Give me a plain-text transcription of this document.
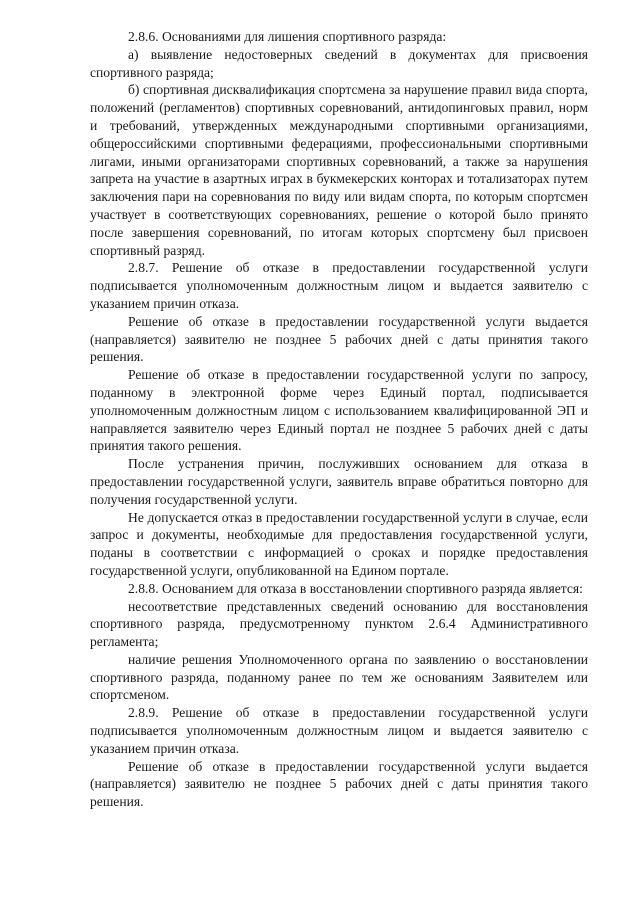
2.8.6. Основаниями для лишения спортивного разряда:

а) выявление недостоверных сведений в документах для присвоения спортивного разряда;

б) спортивная дисквалификация спортсмена за нарушение правил вида спорта, положений (регламентов) спортивных соревнований, антидопинговых правил, норм и требований, утвержденных международными спортивными организациями, общероссийскими спортивными федерациями, профессиональными спортивными лигами, иными организаторами спортивных соревнований, а также за нарушения запрета на участие в азартных играх в букмекерских конторах и тотализаторах путем заключения пари на соревнования по виду или видам спорта, по которым спортсмен участвует в соответствующих соревнованиях, решение о которой было принято после завершения соревнований, по итогам которых спортсмену был присвоен спортивный разряд.

2.8.7. Решение об отказе в предоставлении государственной услуги подписывается уполномоченным должностным лицом и выдается заявителю с указанием причин отказа.

Решение об отказе в предоставлении государственной услуги выдается (направляется) заявителю не позднее 5 рабочих дней с даты принятия такого решения.

Решение об отказе в предоставлении государственной услуги по запросу, поданному в электронной форме через Единый портал, подписывается уполномоченным должностным лицом с использованием квалифицированной ЭП и направляется заявителю через Единый портал не позднее 5 рабочих дней с даты принятия такого решения.

После устранения причин, послуживших основанием для отказа в предоставлении государственной услуги, заявитель вправе обратиться повторно для получения государственной услуги.

Не допускается отказ в предоставлении государственной услуги в случае, если запрос и документы, необходимые для предоставления государственной услуги, поданы в соответствии с информацией о сроках и порядке предоставления государственной услуги, опубликованной на Едином портале.

2.8.8. Основанием для отказа в восстановлении спортивного разряда является:

несоответствие представленных сведений основанию для восстановления спортивного разряда, предусмотренному пунктом 2.6.4 Административного регламента;

наличие решения Уполномоченного органа по заявлению о восстановлении спортивного разряда, поданному ранее по тем же основаниям Заявителем или спортсменом.

2.8.9. Решение об отказе в предоставлении государственной услуги подписывается уполномоченным должностным лицом и выдается заявителю с указанием причин отказа.

Решение об отказе в предоставлении государственной услуги выдается (направляется) заявителю не позднее 5 рабочих дней с даты принятия такого решения.
